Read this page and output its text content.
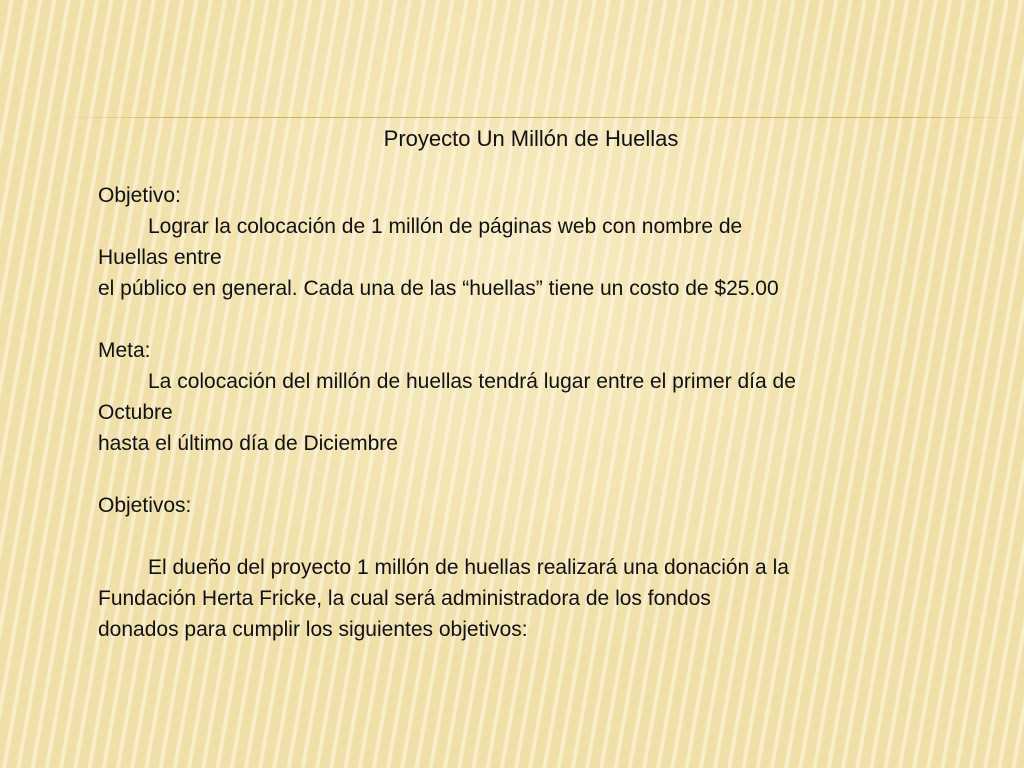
Proyecto Un Millón de Huellas

Objetivo:

Lograr la colocación de 1 millón de páginas web con nombre de

Huellas entre

el público en general. Cada una de las “huellas” tiene un costo de $25.00

Meta:

La colocación del millón de huellas tendrá lugar entre el primer día de

Octubre

hasta el último día de Diciembre

Objetivos:

El dueño del proyecto 1 millón de huellas realizará una donación a la

Fundación Herta Fricke, la cual será administradora de los fondos

donados para cumplir los siguientes objetivos:
